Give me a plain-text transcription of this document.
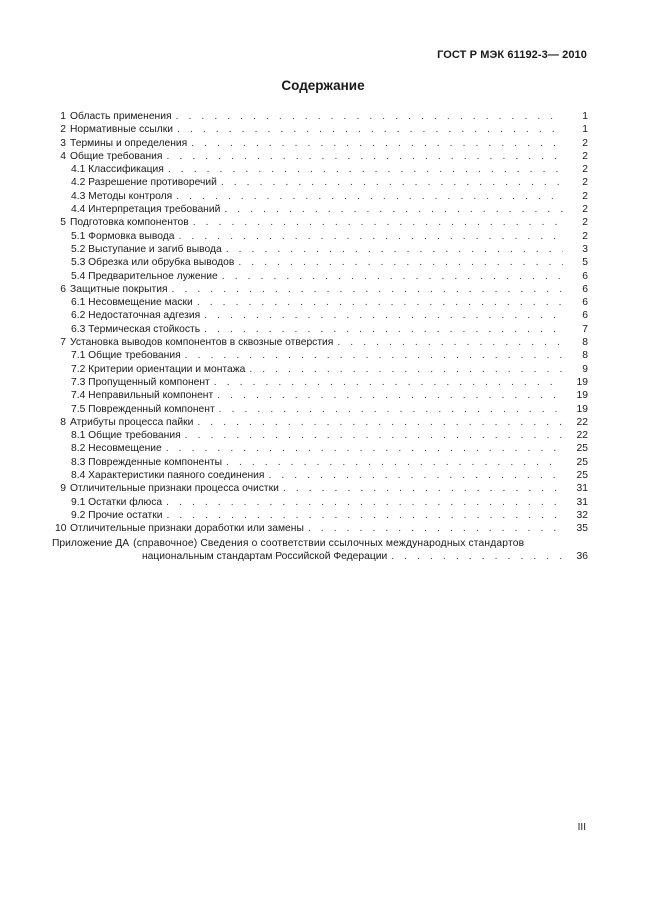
ГОСТ Р МЭК 61192-3— 2010
Содержание
1 Область применения . . .	1
2 Нормативные ссылки . . .	1
3 Термины и определения . . .	2
4 Общие требования . . .	2
4.1 Классификация . . .	2
4.2 Разрешение противоречий . . .	2
4.3 Методы контроля . . .	2
4.4 Интерпретация требований . . .	2
5 Подготовка компонентов . . .	2
5.1 Формовка вывода . . .	2
5.2 Выступание и загиб вывода . . .	3
5.3 Обрезка или обрубка выводов . . .	5
5.4 Предварительное лужение . . .	6
6 Защитные покрытия . . .	6
6.1 Несовмещение маски . . .	6
6.2 Недостаточная адгезия . . .	6
6.3 Термическая стойкость . . .	7
7 Установка выводов компонентов в сквозные отверстия . . .	8
7.1 Общие требования . . .	8
7.2 Критерии ориентации и монтажа . . .	9
7.3 Пропущенный компонент . . .	19
7.4 Неправильный компонент . . .	19
7.5 Поврежденный компонент . . .	19
8 Атрибуты процесса пайки . . .	22
8.1 Общие требования . . .	22
8.2 Несовмещение . . .	25
8.3 Поврежденные компоненты . . .	25
8.4 Характеристики паяного соединения . . .	25
9 Отличительные признаки процесса очистки . . .	31
9.1 Остатки флюса . . .	31
9.2 Прочие остатки . . .	32
10 Отличительные признаки доработки или замены . . .	35
Приложение ДА (справочное) Сведения о соответствии ссылочных международных стандартов
национальным стандартам Российской Федерации . . .	36
III
